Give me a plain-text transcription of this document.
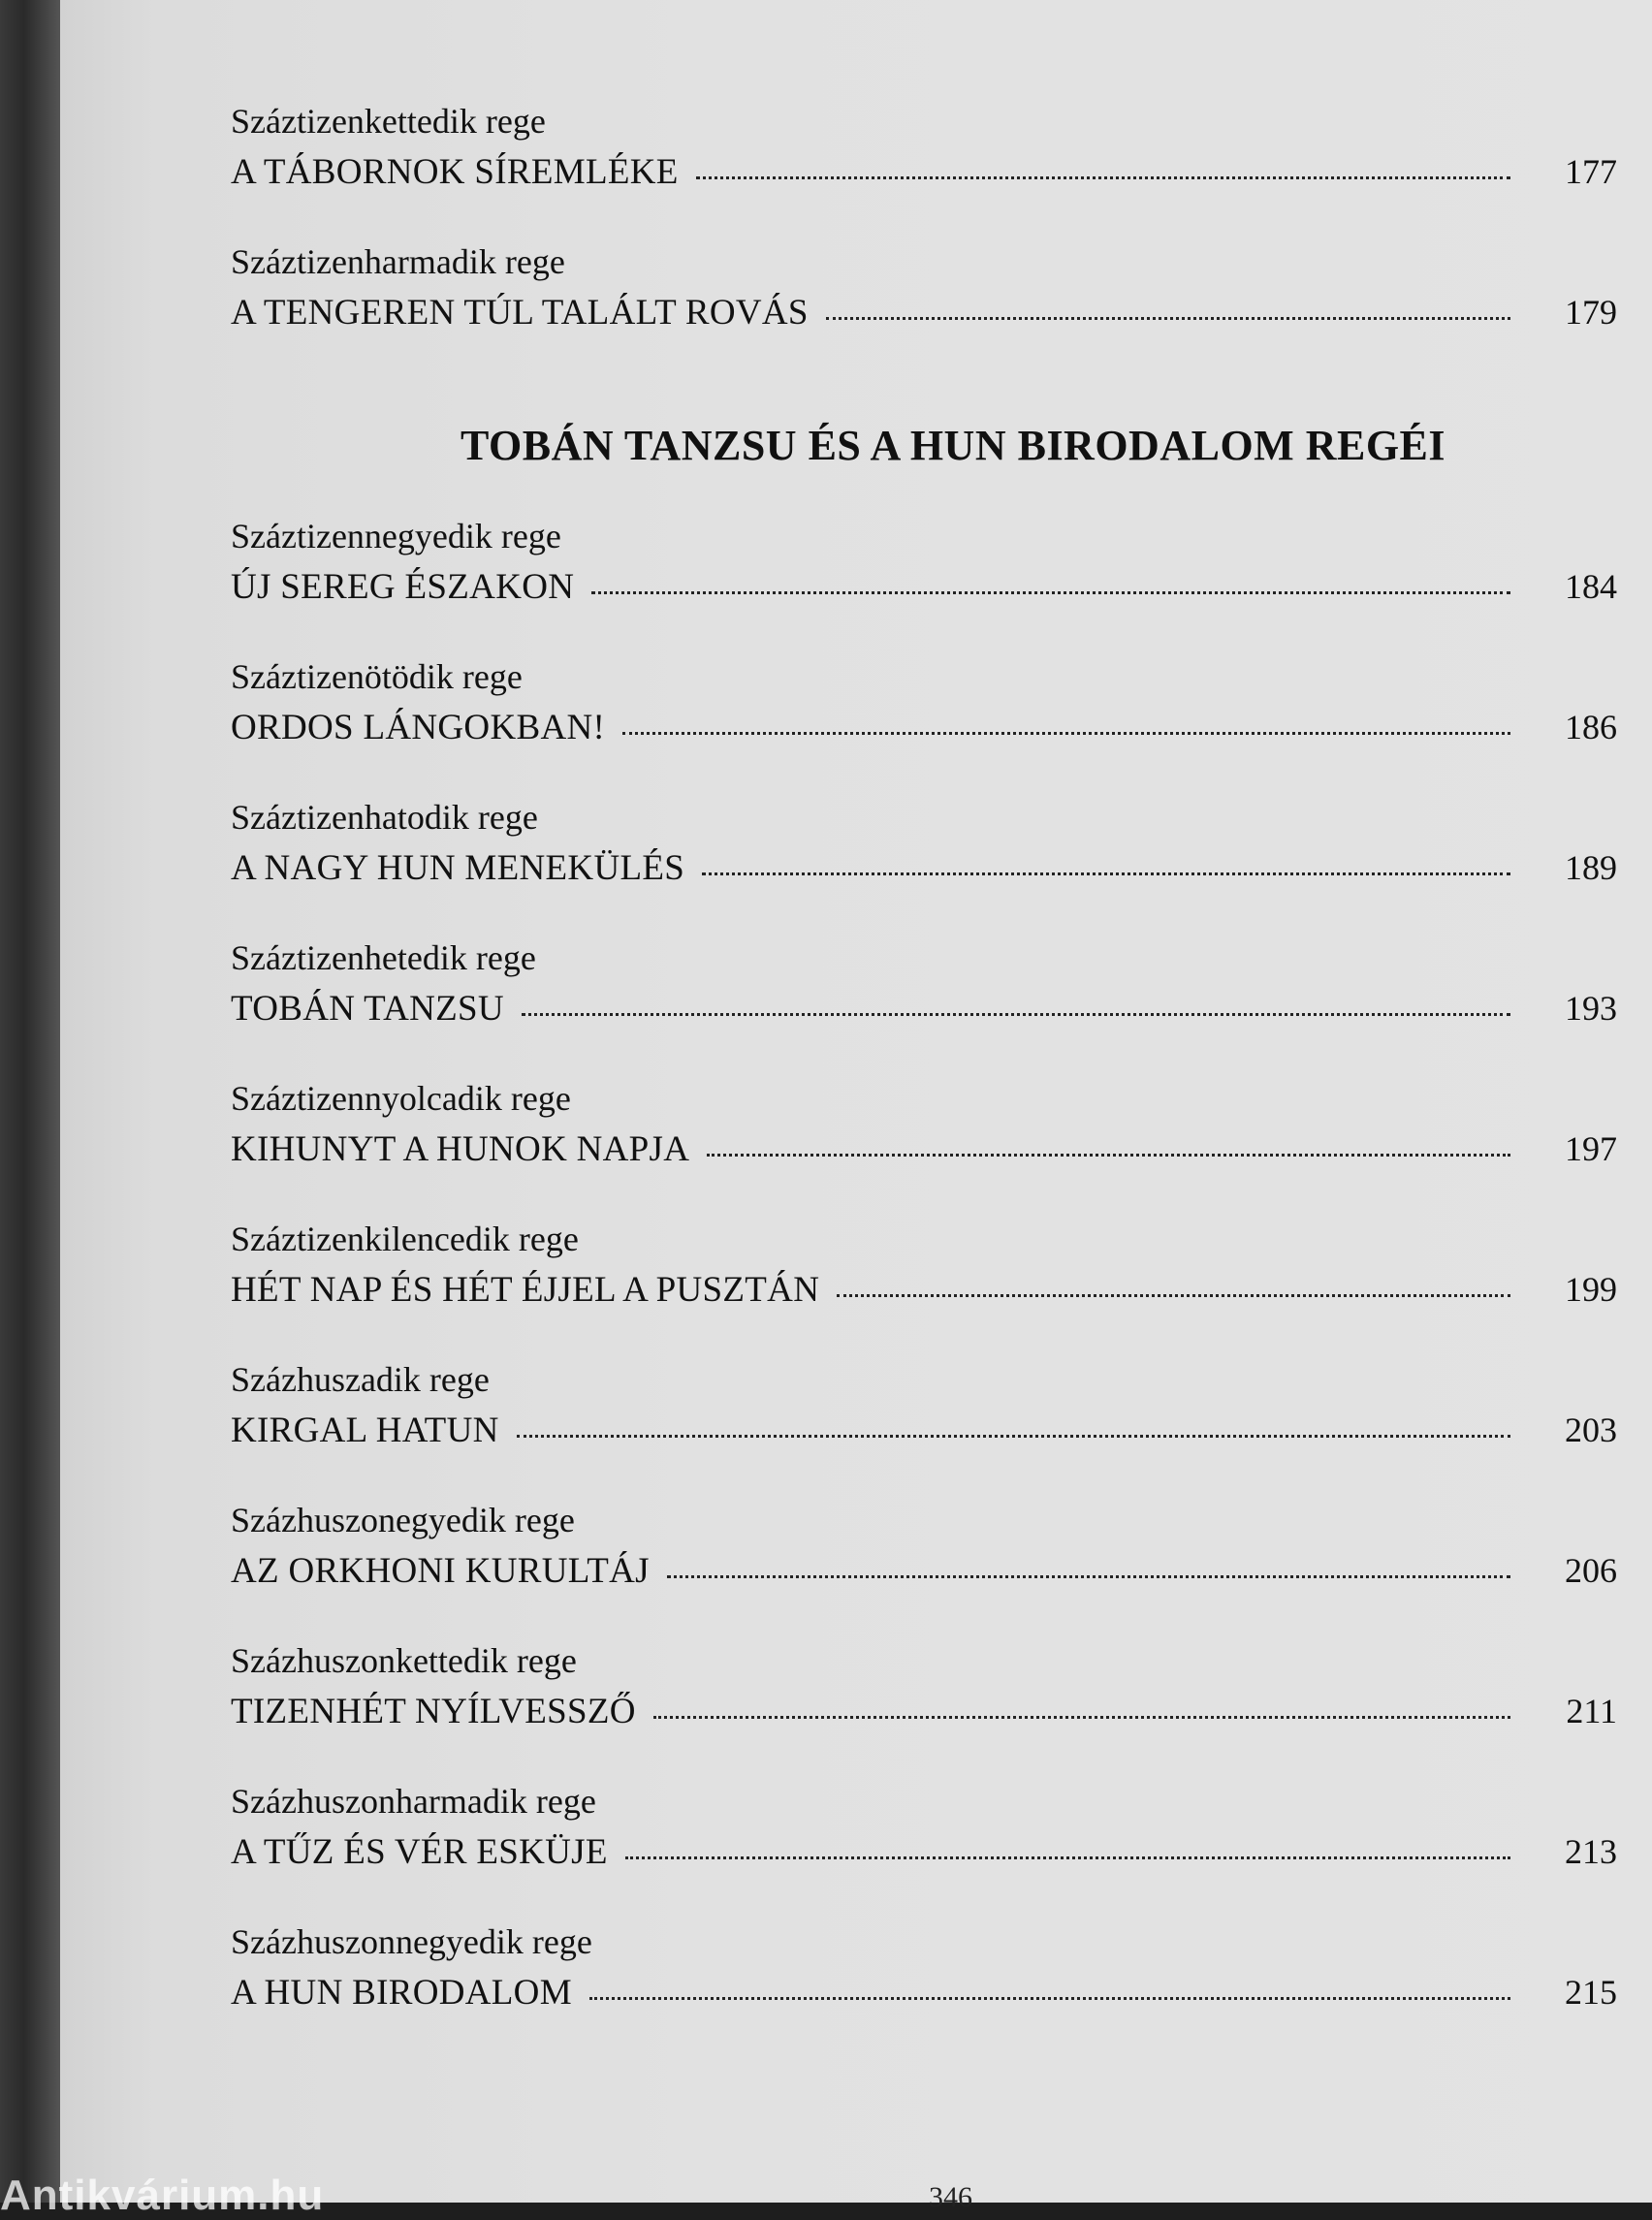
Száztizenkettedik rege
A TÁBORNOK SÍREMLÉKE	177
Száztizenharmadik rege
A TENGEREN TÚL TALÁLT ROVÁS	179
TOBÁN TANZSU ÉS A HUN BIRODALOM REGÉI
Száztizennegyedik rege
ÚJ SEREG ÉSZAKON	184
Száztizenötödik rege
ORDOS LÁNGOKBAN!	186
Száztizenhatodik rege
A NAGY HUN MENEKÜLÉS	189
Száztizenhetedik rege
TOBÁN TANZSU	193
Száztizennyolcadik rege
KIHUNYT A HUNOK NAPJA	197
Száztizenkilencedik rege
HÉT NAP ÉS HÉT ÉJJEL A PUSZTÁN	199
Százhuszadik rege
KIRGAL HATUN	203
Százhuszonegyedik rege
AZ ORKHONI KURULTÁJ	206
Százhuszonkettedik rege
TIZENHÉT NYÍLVESSZŐ	211
Százhuszonharmadik rege
A TŰZ ÉS VÉR ESKÜJE	213
Százhuszonnegyedik rege
A HUN BIRODALOM	215
346
Antikvárium.hu
